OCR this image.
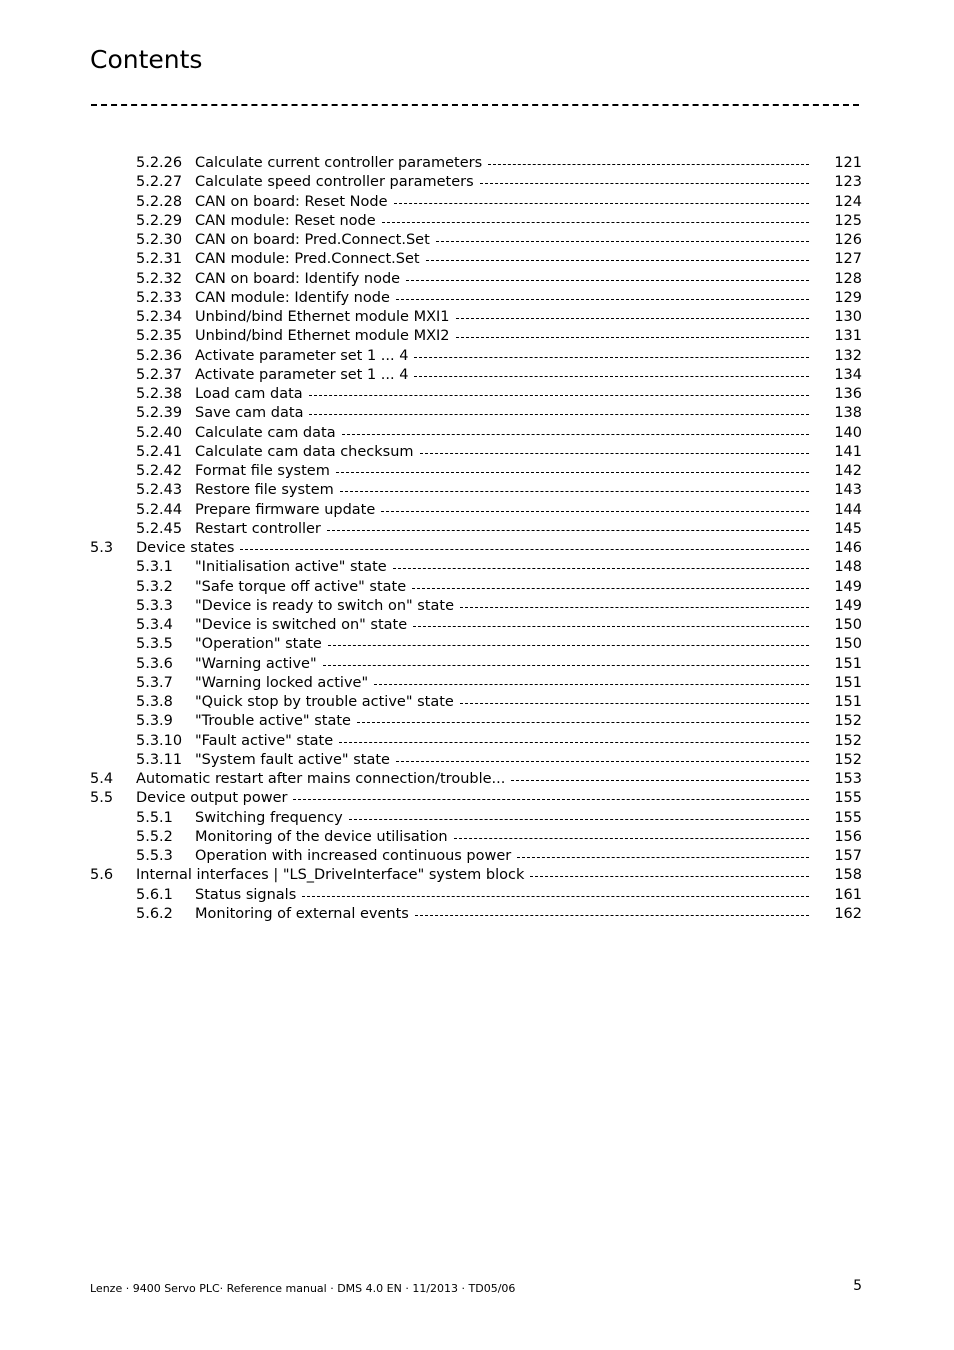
Contents
5.2.26 Calculate current controller parameters	121
5.2.27 Calculate speed controller parameters	123
5.2.28 CAN on board: Reset Node	124
5.2.29 CAN module: Reset node	125
5.2.30 CAN on board: Pred.Connect.Set	126
5.2.31 CAN module: Pred.Connect.Set	127
5.2.32 CAN on board: Identify node	128
5.2.33 CAN module: Identify node	129
5.2.34 Unbind/bind Ethernet module MXI1	130
5.2.35 Unbind/bind Ethernet module MXI2	131
5.2.36 Activate parameter set 1 ... 4	132
5.2.37 Activate parameter set 1 ... 4	134
5.2.38 Load cam data	136
5.2.39 Save cam data	138
5.2.40 Calculate cam data	140
5.2.41 Calculate cam data checksum	141
5.2.42 Format file system	142
5.2.43 Restore file system	143
5.2.44 Prepare firmware update	144
5.2.45 Restart controller	145
5.3 Device states	146
5.3.1 "Initialisation active" state	148
5.3.2 "Safe torque off active" state	149
5.3.3 "Device is ready to switch on" state	149
5.3.4 "Device is switched on" state	150
5.3.5 "Operation" state	150
5.3.6 "Warning active"	151
5.3.7 "Warning locked active"	151
5.3.8 "Quick stop by trouble active" state	151
5.3.9 "Trouble active" state	152
5.3.10 "Fault active" state	152
5.3.11 "System fault active" state	152
5.4 Automatic restart after mains connection/trouble...	153
5.5 Device output power	155
5.5.1 Switching frequency	155
5.5.2 Monitoring of the device utilisation	156
5.5.3 Operation with increased continuous power	157
5.6 Internal interfaces | "LS_DriveInterface" system block	158
5.6.1 Status signals	161
5.6.2 Monitoring of external events	162
Lenze · 9400 Servo PLC· Reference manual · DMS 4.0 EN · 11/2013 · TD05/06	5
